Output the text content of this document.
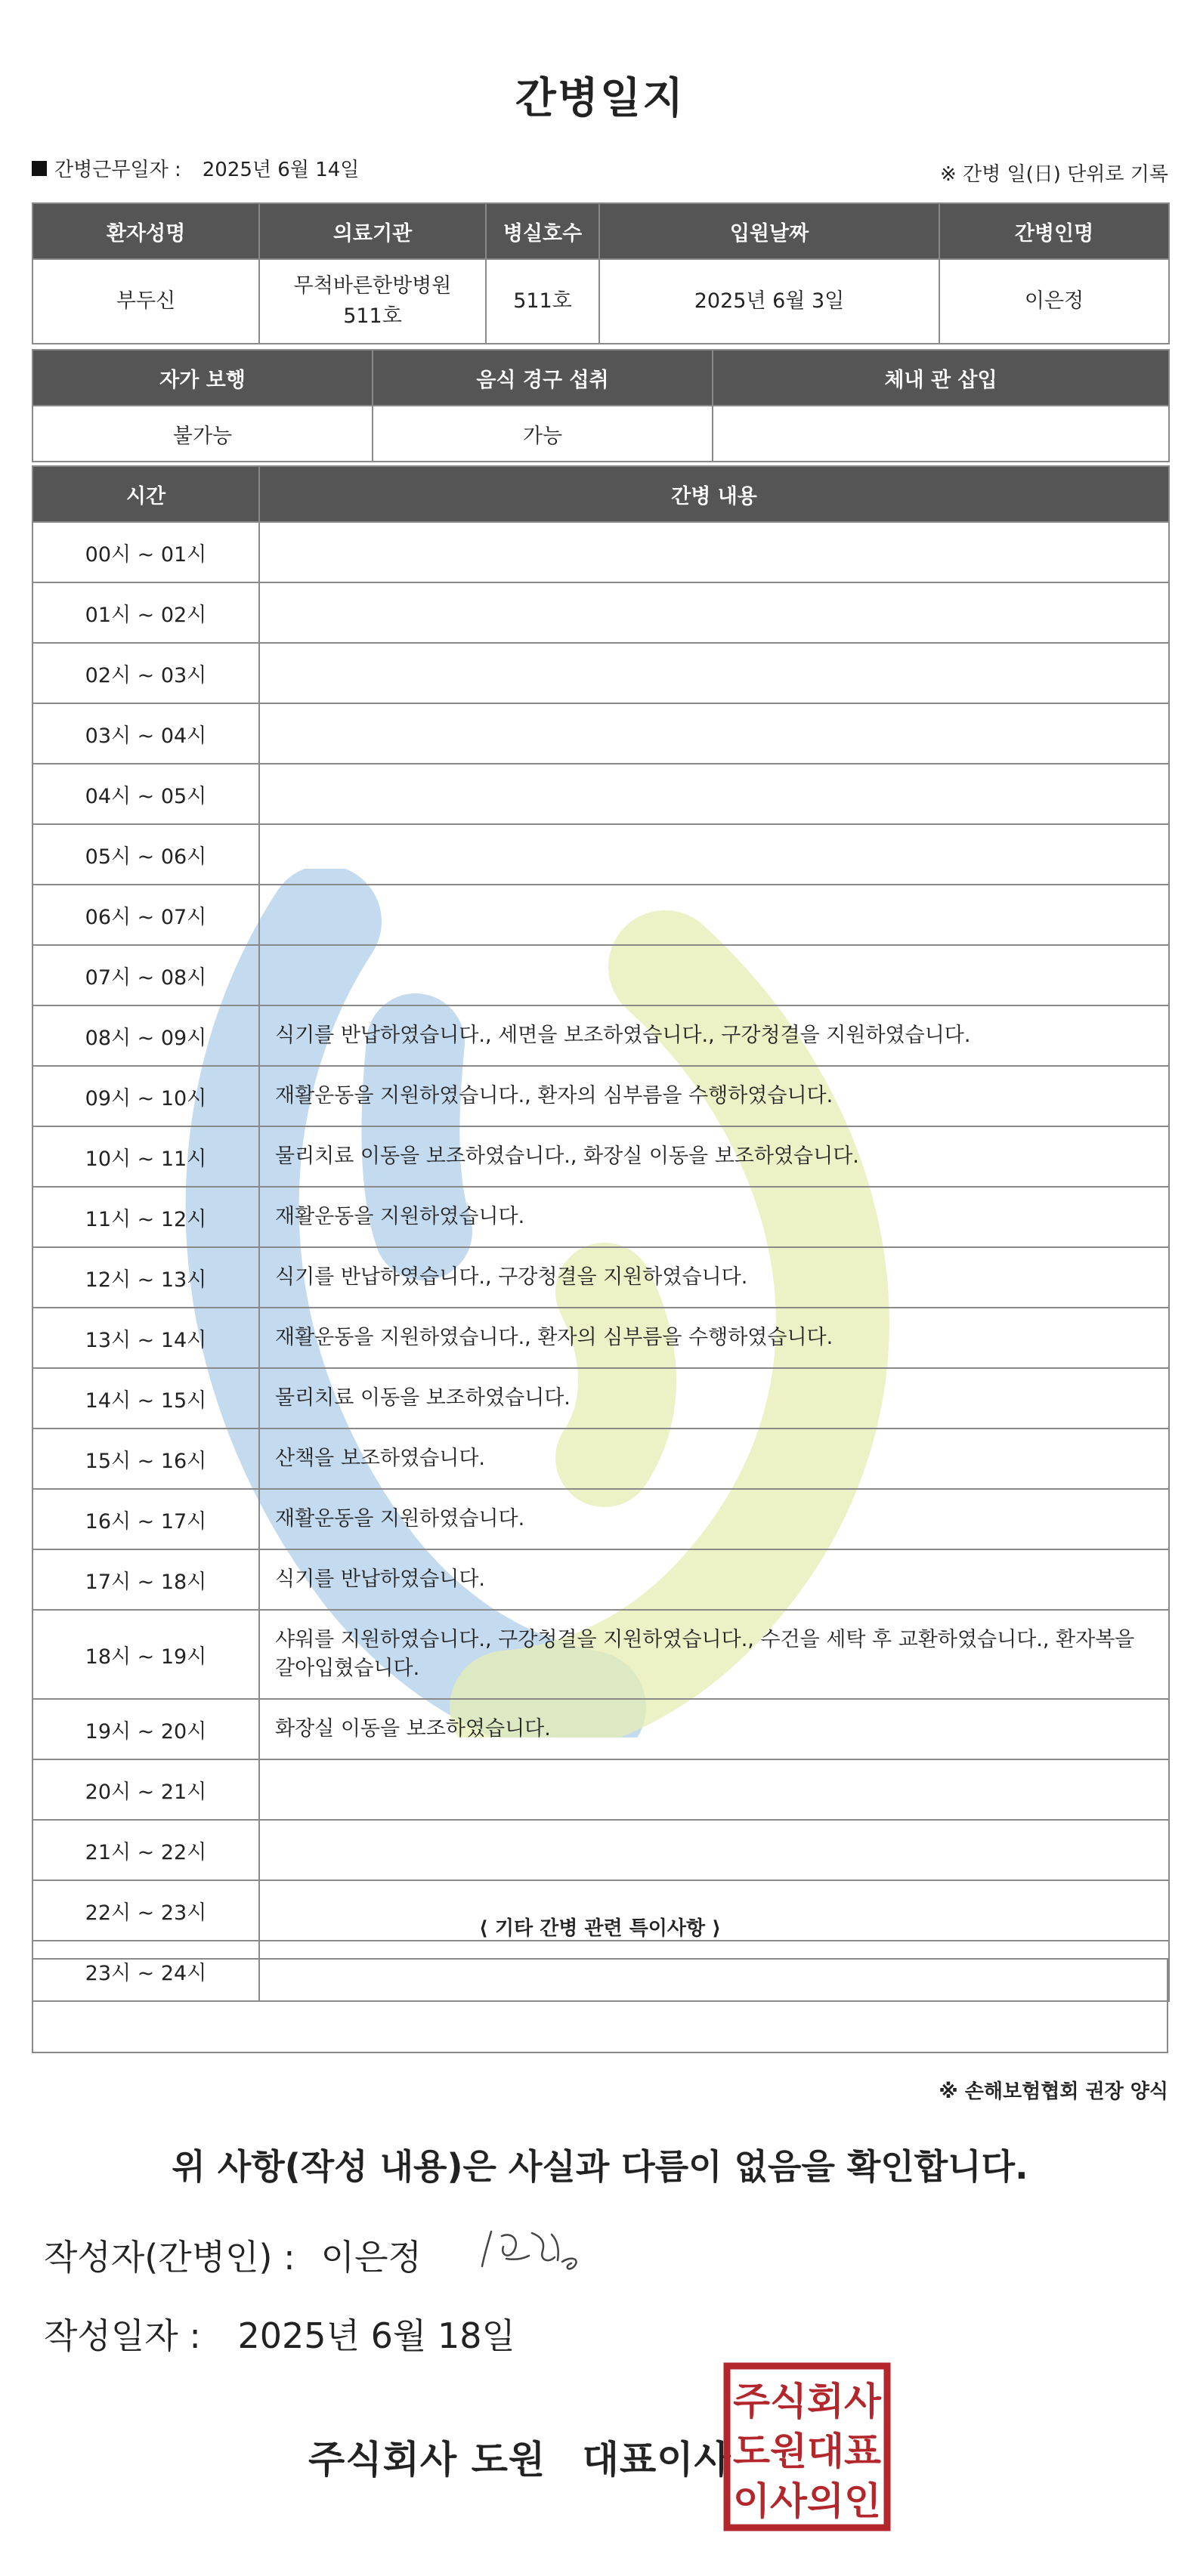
간병일지
간병근무일자 : 2025년 6월 14일	※ 간병 일(日) 단위로 기록
환자성명	의료기관	병실호수	입원날짜	간병인명
부두신	무척바른한방병원 511호	511호	2025년 6월 3일	이은정
자가 보행	음식 경구 섭취	체내 관 삽입
불가능	가능	
시간	간병 내용
00시 ~ 01시	
01시 ~ 02시	
02시 ~ 03시	
03시 ~ 04시	
04시 ~ 05시	
05시 ~ 06시	
06시 ~ 07시	
07시 ~ 08시	
08시 ~ 09시	식기를 반납하였습니다., 세면을 보조하였습니다., 구강청결을 지원하였습니다.
09시 ~ 10시	재활운동을 지원하였습니다., 환자의 심부름을 수행하였습니다.
10시 ~ 11시	물리치료 이동을 보조하였습니다., 화장실 이동을 보조하였습니다.
11시 ~ 12시	재활운동을 지원하였습니다.
12시 ~ 13시	식기를 반납하였습니다., 구강청결을 지원하였습니다.
13시 ~ 14시	재활운동을 지원하였습니다., 환자의 심부름을 수행하였습니다.
14시 ~ 15시	물리치료 이동을 보조하였습니다.
15시 ~ 16시	산책을 보조하였습니다.
16시 ~ 17시	재활운동을 지원하였습니다.
17시 ~ 18시	식기를 반납하였습니다.
18시 ~ 19시	샤워를 지원하였습니다., 구강청결을 지원하였습니다., 수건을 세탁 후 교환하였습니다., 환자복을 갈아입혔습니다.
19시 ~ 20시	화장실 이동을 보조하였습니다.
20시 ~ 21시	
21시 ~ 22시	
22시 ~ 23시	
23시 ~ 24시	
⟨ 기타 간병 관련 특이사항 ⟩
※ 손해보험협회 권장 양식
위 사항(작성 내용)은 사실과 다름이 없음을 확인합니다.
작성자(간병인) : 이은정
작성일자 : 2025년 6월 18일
주식회사 도원 대표이사
주식회사
도원대표
이사의인
